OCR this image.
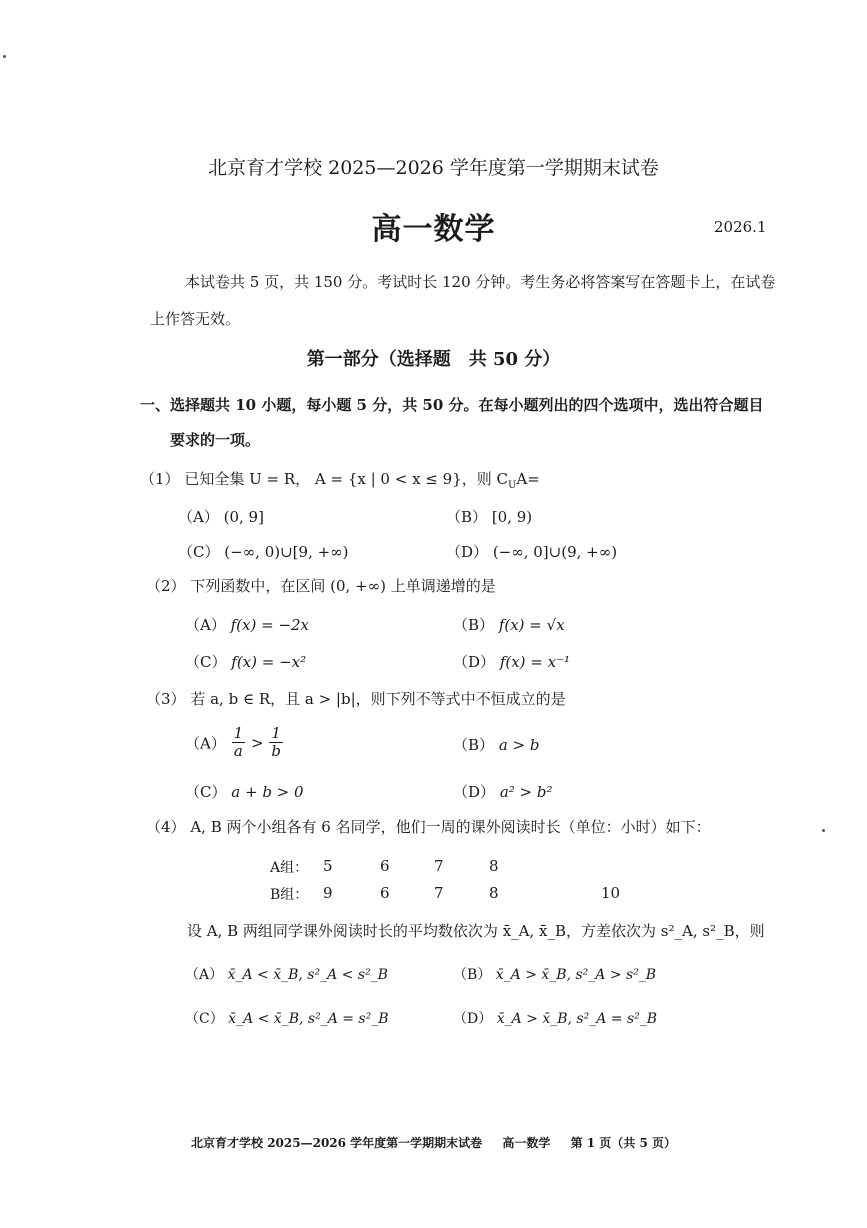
北京育才学校 2025—2026 学年度第一学期期末试卷
高一数学	2026.1
本试卷共 5 页，共 150 分。考试时长 120 分钟。考生务必将答案写在答题卡上，在试卷
上作答无效。
第一部分（选择题　共 50 分）
一、选择题共 10 小题，每小题 5 分，共 50 分。在每小题列出的四个选项中，选出符合题目
要求的一项。
（1） 已知全集 U = R， A = {x | 0 < x ≤ 9}，则 $C_UA=$
（A） (0, 9]	（B） [0, 9)
（C） (−∞, 0)∪[9, +∞)	（D） (−∞, 0]∪(9, +∞)
（2） 下列函数中，在区间 (0, +∞) 上单调递增的是
（A） f(x) = −2x	（B） f(x) = √x
（C） f(x) = −x²	（D） f(x) = x⁻¹
（3） 若 a, b ∈ R，且 a > |b|，则下列不等式中不恒成立的是
$(A) \frac{1}{a} > \frac{1}{b}$	（B） a > b
（C） a + b > 0	（D） a² > b²
（4） A, B 两个小组各有 6 名同学，他们一周的课外阅读时长（单位：小时）如下：
A组： 5	6	7	8
B组： 9	6	7	8	10
设 A, B 两组同学课外阅读时长的平均数依次为 x̄_A, x̄_B，方差依次为 s²_A, s²_B，则
（A） x̄_A < x̄_B, s²_A < s²_B	（B） x̄_A > x̄_B, s²_A > s²_B
（C） x̄_A < x̄_B, s²_A = s²_B	（D） x̄_A > x̄_B, s²_A = s²_B
北京育才学校 2025—2026 学年度第一学期期末试卷 高一数学 第 1 页（共 5 页）
